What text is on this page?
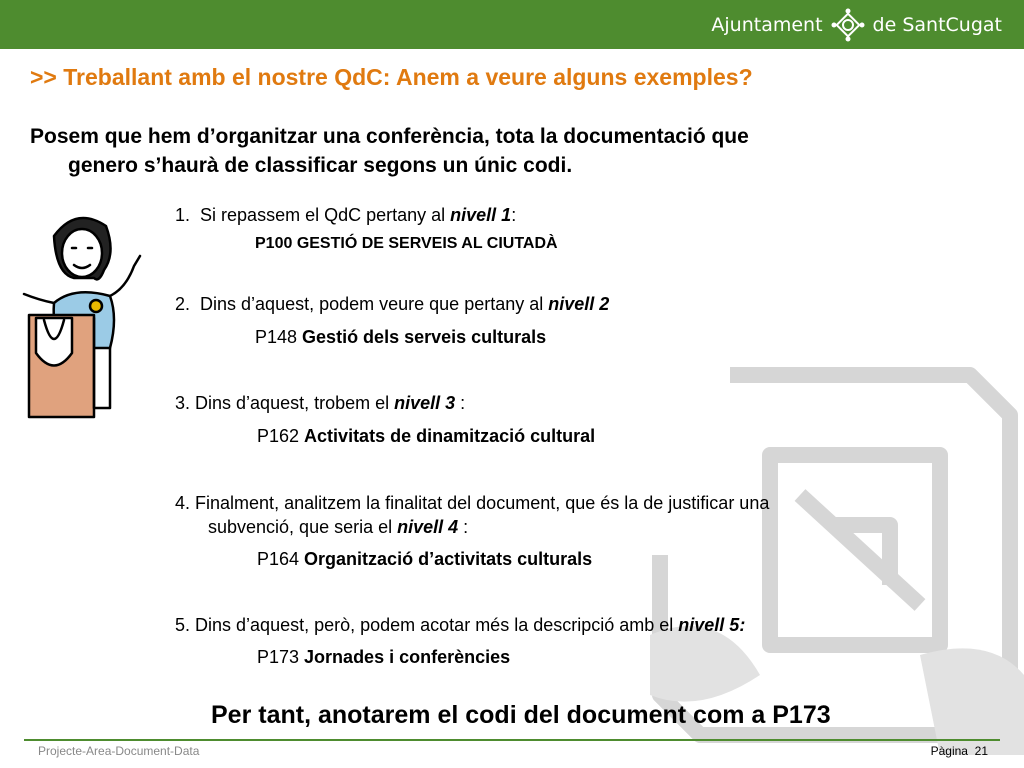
Ajuntament	de SantCugat
>> Treballant amb el nostre QdC: Anem a veure alguns exemples?
Posem que hem d’organitzar una conferència, tota la documentació que
genero s’haurà de classificar segons un únic codi.
1. Si repassem el QdC pertany al nivell 1:
P100 GESTIÓ DE SERVEIS AL CIUTADÀ
2. Dins d’aquest, podem veure que pertany al nivell 2
P148 Gestió dels serveis culturals
3. Dins d’aquest, trobem el nivell 3 :
P162 Activitats de dinamització cultural
4. Finalment, analitzem la finalitat del document, que és la de justificar una
subvenció, que seria el nivell 4 :
P164 Organització d’activitats culturals
5. Dins d’aquest, però, podem acotar més la descripció amb el nivell 5:
P173 Jornades i conferències
Per tant, anotarem el codi del document com a P173
Projecte-Area-Document-Data	Pàgina 21
